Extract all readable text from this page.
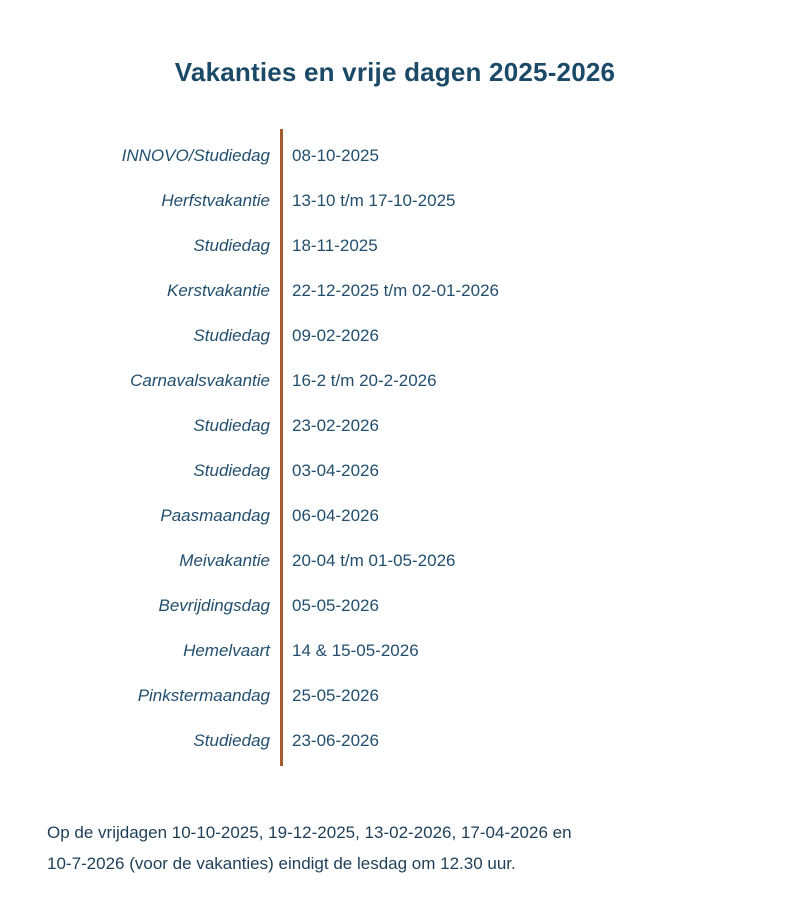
Vakanties en vrije dagen 2025-2026
INNOVO/Studiedag	08-10-2025
Herfstvakantie	13-10 t/m 17-10-2025
Studiedag	18-11-2025
Kerstvakantie	22-12-2025 t/m 02-01-2026
Studiedag	09-02-2026
Carnavalsvakantie	16-2 t/m 20-2-2026
Studiedag	23-02-2026
Studiedag	03-04-2026
Paasmaandag	06-04-2026
Meivakantie	20-04 t/m 01-05-2026
Bevrijdingsdag	05-05-2026
Hemelvaart	14 & 15-05-2026
Pinkstermaandag	25-05-2026
Studiedag	23-06-2026
Op de vrijdagen 10-10-2025, 19-12-2025, 13-02-2026, 17-04-2026 en
10-7-2026 (voor de vakanties) eindigt de lesdag om 12.30 uur.
